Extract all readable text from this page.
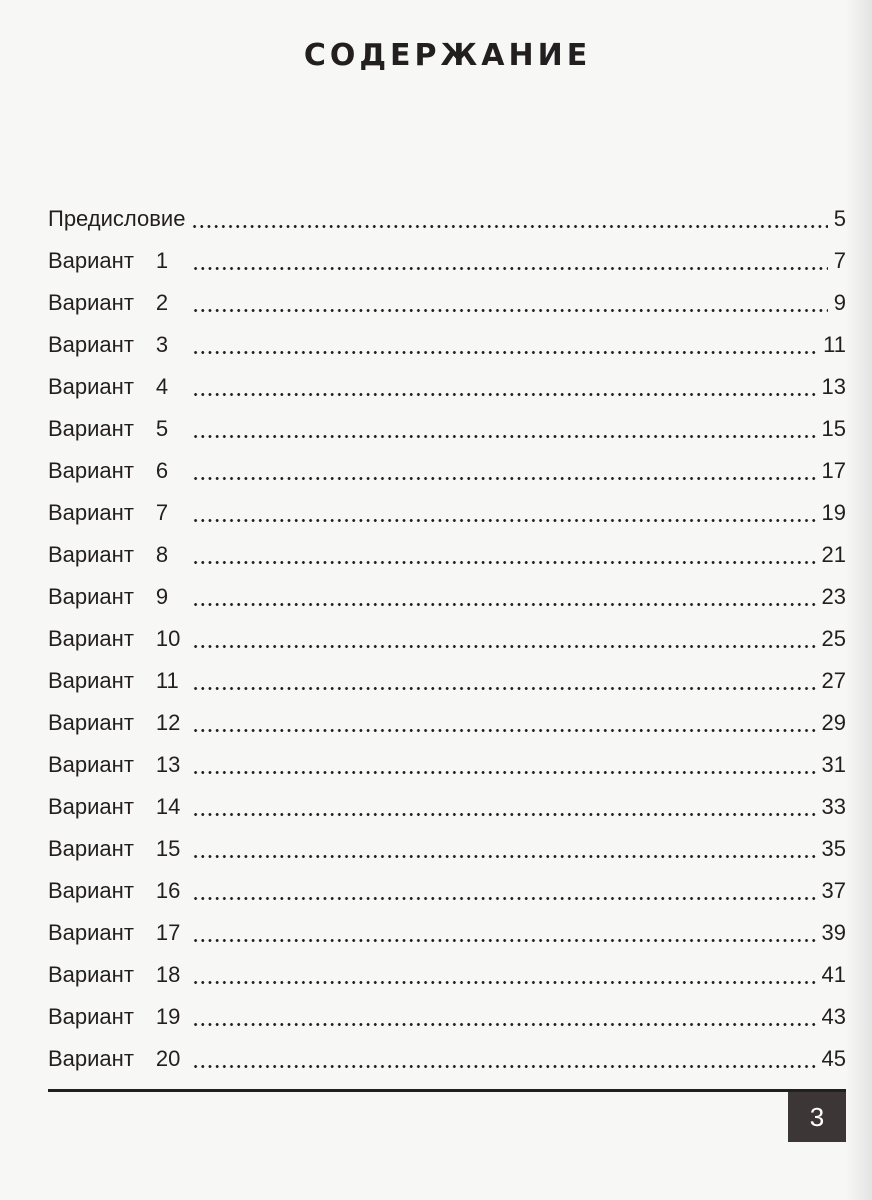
СОДЕРЖАНИЕ
Предисловие	5
Вариант	1	7
Вариант	2	9
Вариант	3	11
Вариант	4	13
Вариант	5	15
Вариант	6	17
Вариант	7	19
Вариант	8	21
Вариант	9	23
Вариант	10	25
Вариант	11	27
Вариант	12	29
Вариант	13	31
Вариант	14	33
Вариант	15	35
Вариант	16	37
Вариант	17	39
Вариант	18	41
Вариант	19	43
Вариант	20	45
3
